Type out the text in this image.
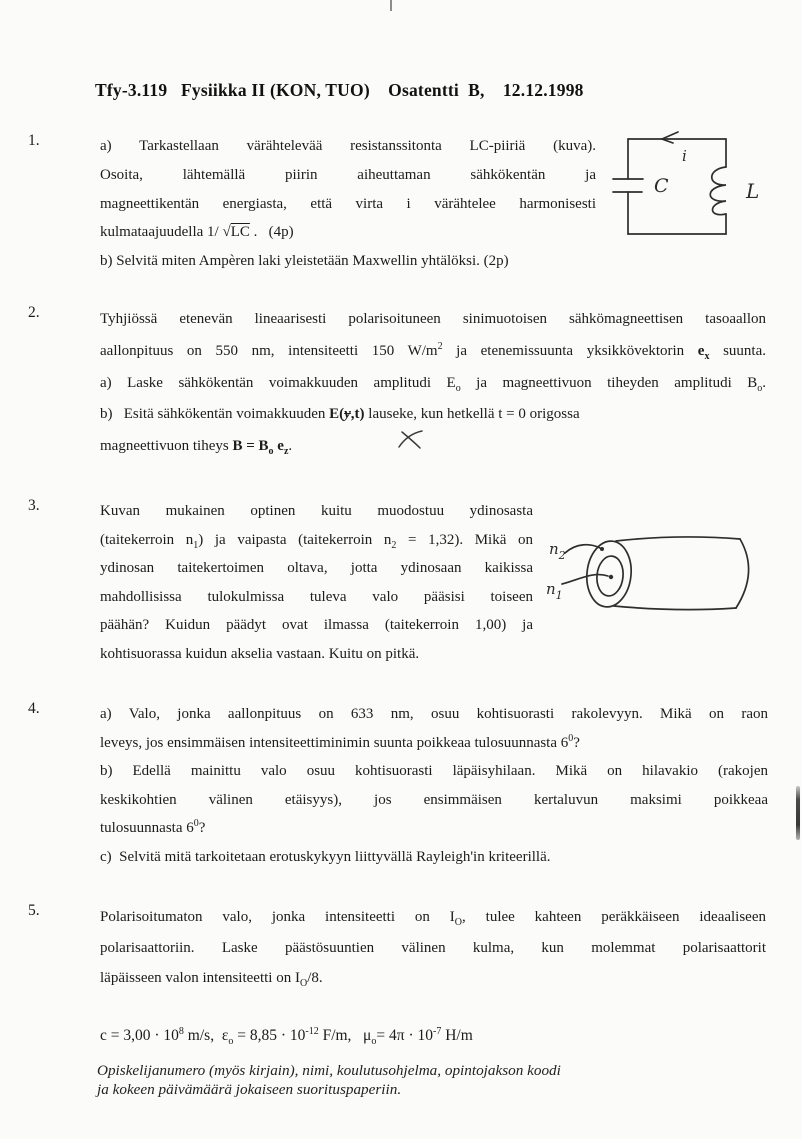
Tfy-3.119   Fysiikka II (KON, TUO)    Osatentti  B,    12.12.1998
1.	a) Tarkastellaan värähtelevää resistanssitonta LC-piiriä (kuva).
Osoita, lähtemällä piirin aiheuttaman sähkökentän ja
magneettikentän energiasta, että virta i värähtelee harmonisesti
kulmataajuudella 1/ √LC .   (4p)
b) Selvitä miten Ampèren laki yleistetään Maxwellin yhtälöksi. (2p)
C	L
i
2.	Tyhjiössä etenevän lineaarisesti polarisoituneen sinimuotoisen sähkömagneettisen tasoaallon
aallonpituus on 550 nm, intensiteetti 150 $W/m^2$ ja etenemissuunta yksikkövektorin $e_x$ suunta.
a) Laske sähkökentän voimakkuuden amplitudi $E_o$ ja magneettivuon tiheyden amplitudi $B_o$.
b)   Esitä sähkökentän voimakkuuden E(y,t) lauseke, kun hetkellä t = 0 origossa
magneettivuon tiheys $B = B_o$ $e_z$.
3.	Kuvan mukainen optinen kuitu muodostuu ydinosasta
(taitekerroin $n_1$) ja vaipasta (taitekerroin $n_2 = 1,32$). Mikä on
ydinosan taitekertoimen oltava, jotta ydinosaan kaikissa
mahdollisissa tulokulmissa tuleva valo pääsisi toiseen
päähän? Kuidun päädyt ovat ilmassa (taitekerroin 1,00) ja
kohtisuorassa kuidun akselia vastaan. Kuitu on pitkä.
$n_2$
$n_1$
4.	a) Valo, jonka aallonpituus on 633 nm, osuu kohtisuorasti rakolevyyn. Mikä on raon
leveys, jos ensimmäisen intensiteettiminimin suunta poikkeaa tulosuunnasta $6^0$?
b) Edellä mainittu valo osuu kohtisuorasti läpäisyhilaan. Mikä on hilavakio (rakojen
keskikohtien välinen etäisyys), jos ensimmäisen kertaluvun maksimi poikkeaa
tulosuunnasta $6^0$?
c)  Selvitä mitä tarkoitetaan erotuskykyyn liittyvällä Rayleigh'in kriteerillä.
5.	Polarisoitumaton valo, jonka intensiteetti on $I_O$, tulee kahteen peräkkäiseen ideaaliseen
polarisaattoriin. Laske päästösuuntien välinen kulma, kun molemmat polarisaattorit
läpäisseen valon intensiteetti on $I_O/8$.
$c = 3,00 \cdot 10^8$ m/s,  $\varepsilon_o = 8,85 \cdot 10^{-12}$ F/m,   $\mu_o= 4\pi \cdot 10^{-7}$ H/m
Opiskelijanumero (myös kirjain), nimi, koulutusohjelma, opintojakson koodi
ja kokeen päivämäärä jokaiseen suorituspaperiin.
